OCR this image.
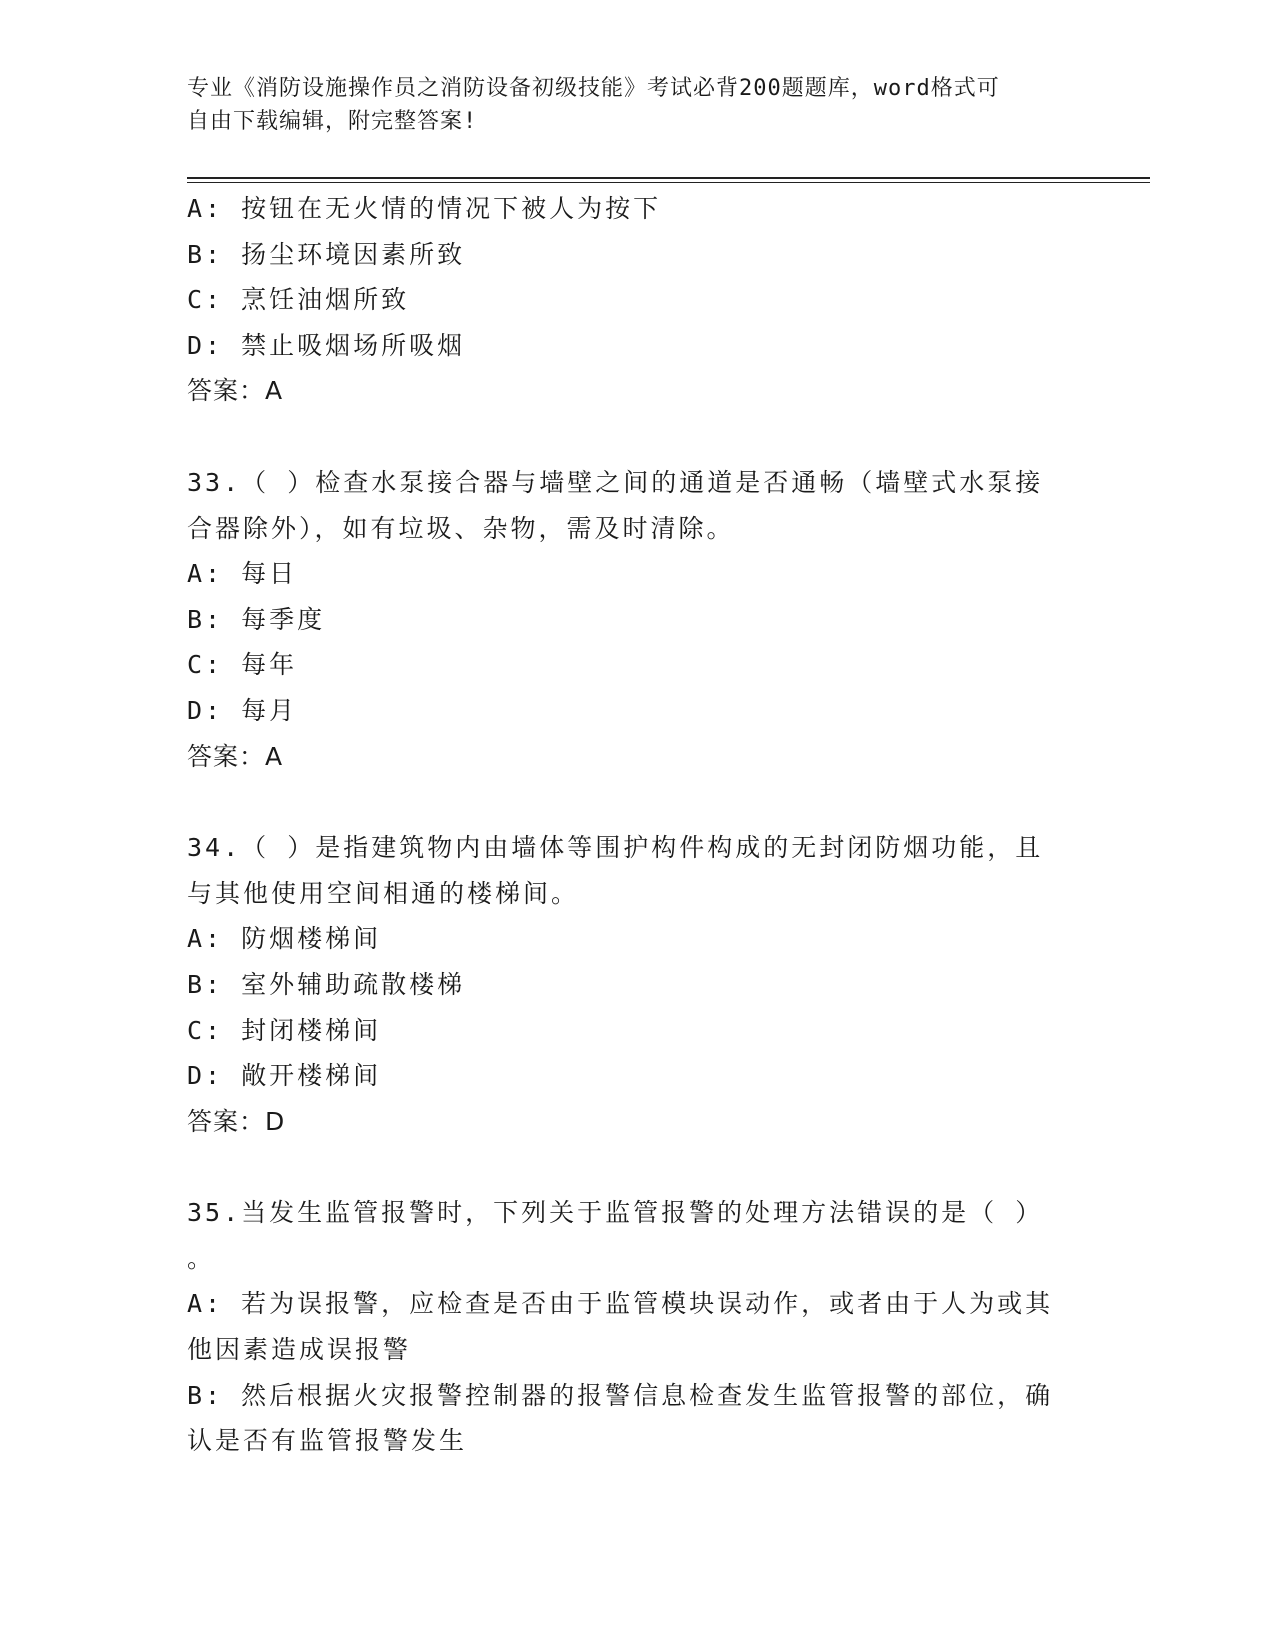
专业《消防设施操作员之消防设备初级技能》考试必背200题题库，word格式可
自由下载编辑，附完整答案!
A: 按钮在无火情的情况下被人为按下
B: 扬尘环境因素所致
C: 烹饪油烟所致
D: 禁止吸烟场所吸烟
答案：A
33.（ ）检查水泵接合器与墙壁之间的通道是否通畅（墙壁式水泵接
合器除外），如有垃圾、杂物，需及时清除。
A: 每日
B: 每季度
C: 每年
D: 每月
答案：A
34.（ ）是指建筑物内由墙体等围护构件构成的无封闭防烟功能，且
与其他使用空间相通的楼梯间。
A: 防烟楼梯间
B: 室外辅助疏散楼梯
C: 封闭楼梯间
D: 敞开楼梯间
答案：D
35.当发生监管报警时，下列关于监管报警的处理方法错误的是（ ）
。
A: 若为误报警，应检查是否由于监管模块误动作，或者由于人为或其
他因素造成误报警
B: 然后根据火灾报警控制器的报警信息检查发生监管报警的部位，确
认是否有监管报警发生
